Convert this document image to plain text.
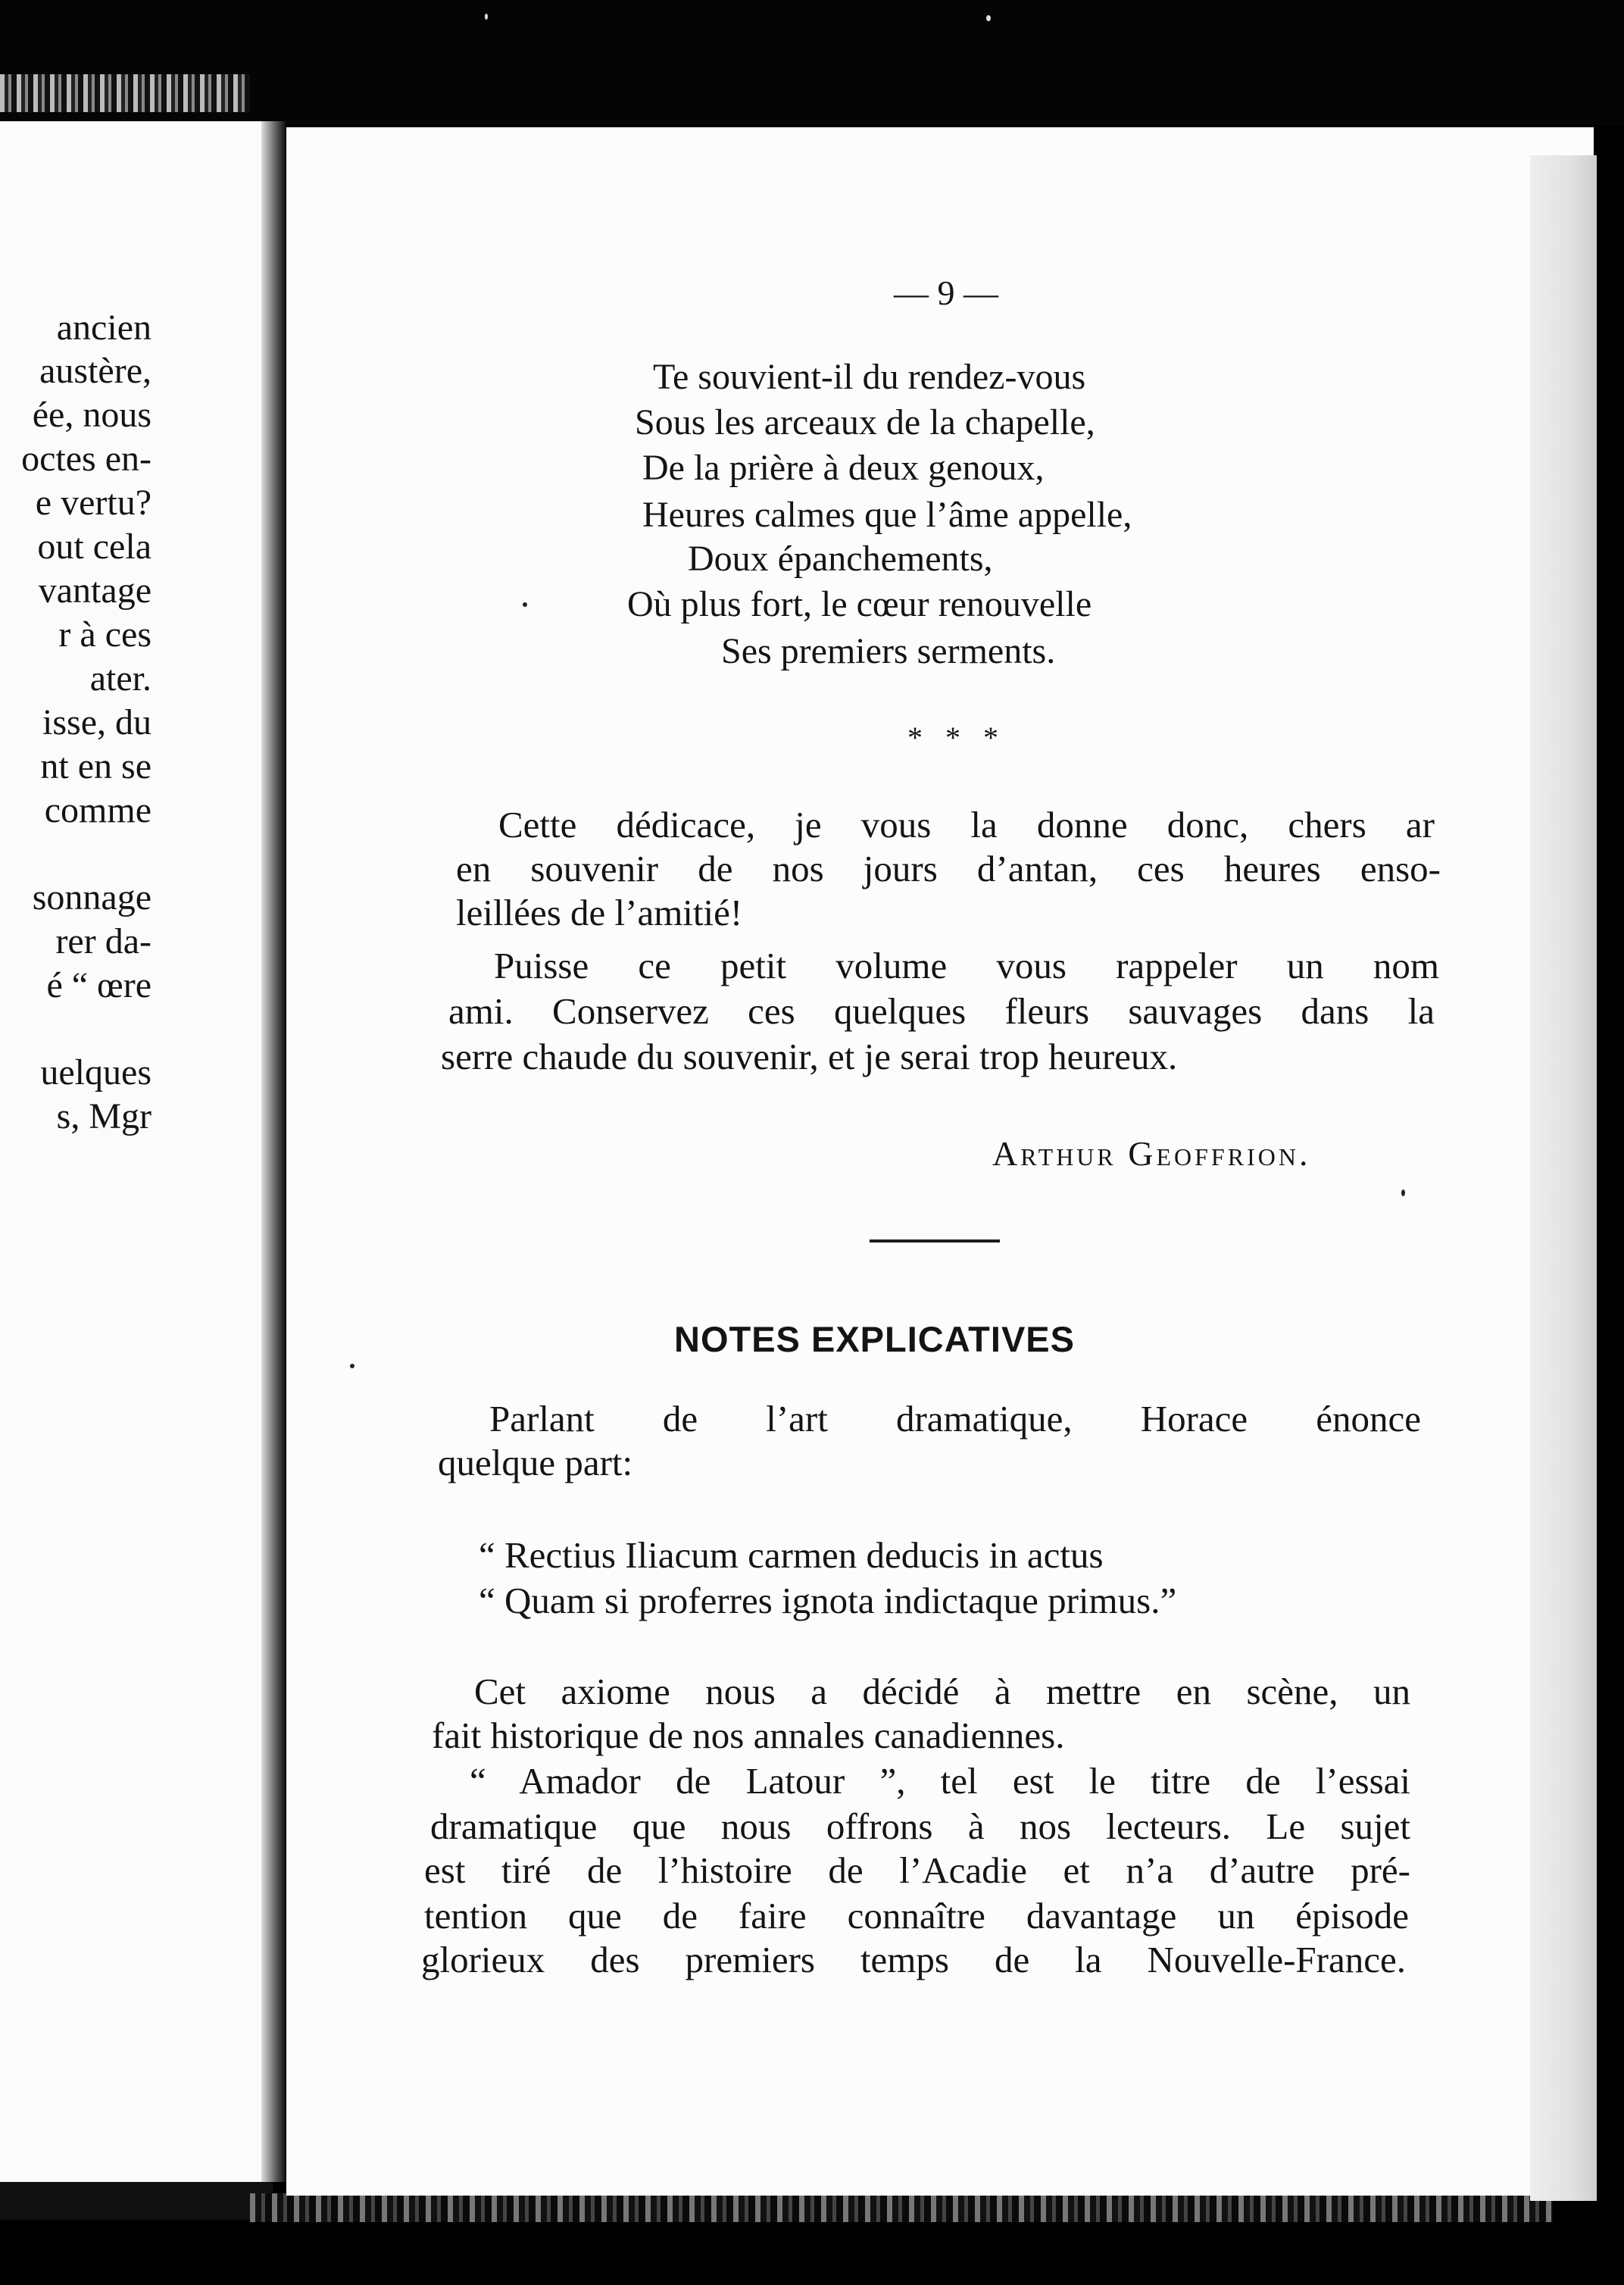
ancien
austère,
ée, nous
octes en-
e vertu?
out cela
vantage
r à ces
ater.
isse, du
nt en se
comme
sonnage
rer da-
é “ œre
uelques
s, Mgr
— 9 —
Te souvient-il du rendez-vous
Sous les arceaux de la chapelle,
De la prière à deux genoux,
Heures calmes que l’âme appelle,
Doux épanchements,
Où plus fort, le cœur renouvelle
Ses premiers serments.
* * *
Cette dédicace, je vous la donne donc, chers ar
en souvenir de nos jours d’antan, ces heures enso-
leillées de l’amitié!
Puisse ce petit volume vous rappeler un nom
ami. Conservez ces quelques fleurs sauvages dans la
serre chaude du souvenir, et je serai trop heureux.
Arthur Geoffrion.
NOTES EXPLICATIVES
Parlant de l’art dramatique, Horace énonce
quelque part:
“ Rectius Iliacum carmen deducis in actus
“ Quam si proferres ignota indictaque primus.”
Cet axiome nous a décidé à mettre en scène, un
fait historique de nos annales canadiennes.
“ Amador de Latour ”, tel est le titre de l’essai
dramatique que nous offrons à nos lecteurs. Le sujet
est tiré de l’histoire de l’Acadie et n’a d’autre pré-
tention que de faire connaître davantage un épisode
glorieux des premiers temps de la Nouvelle-France.
